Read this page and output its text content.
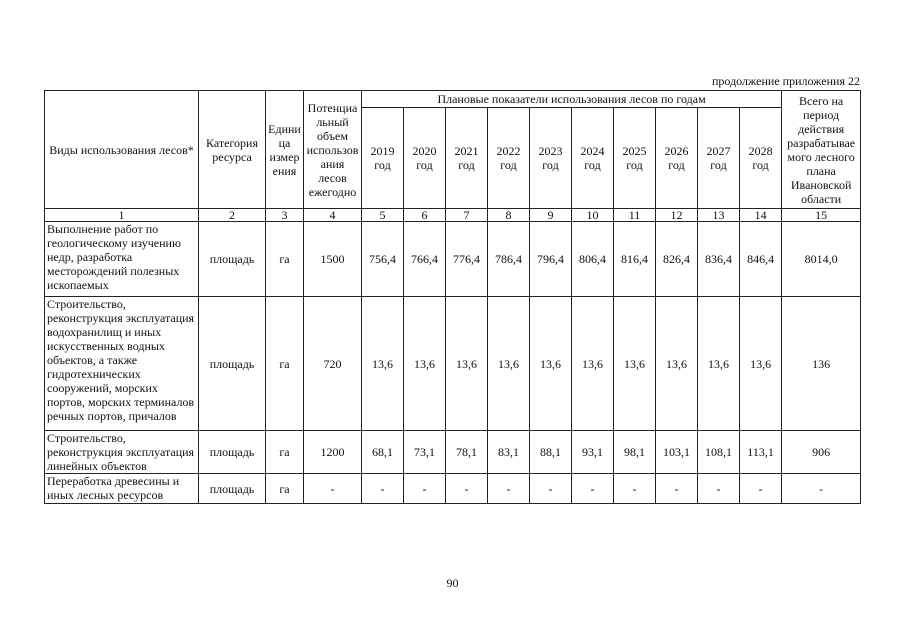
продолжение приложения 22
Виды использования лесов*	Категория ресурса	Единица измерения	Потенциальный объем использования лесов ежегодно	Плановые показатели использования лесов по годам										Всего на период действия разрабатываемого лесного плана Ивановской области
				2019 год	2020 год	2021 год	2022 год	2023 год	2024 год	2025 год	2026 год	2027 год	2028 год	
1	2	3	4	5	6	7	8	9	10	11	12	13	14	15
Выполнение работ по геологическому изучению недр, разработка месторождений полезных ископаемых	площадь	га	1500	756,4	766,4	776,4	786,4	796,4	806,4	816,4	826,4	836,4	846,4	8014,0
Строительство, реконструкция эксплуатация водохранилищ и иных искусственных водных объектов, а также гидротехнических сооружений, морских портов, морских терминалов речных портов, причалов	площадь	га	720	13,6	13,6	13,6	13,6	13,6	13,6	13,6	13,6	13,6	13,6	136
Строительство, реконструкция эксплуатация линейных объектов	площадь	га	1200	68,1	73,1	78,1	83,1	88,1	93,1	98,1	103,1	108,1	113,1	906
Переработка древесины и иных лесных ресурсов	площадь	га	-	-	-	-	-	-	-	-	-	-	-	-
90
